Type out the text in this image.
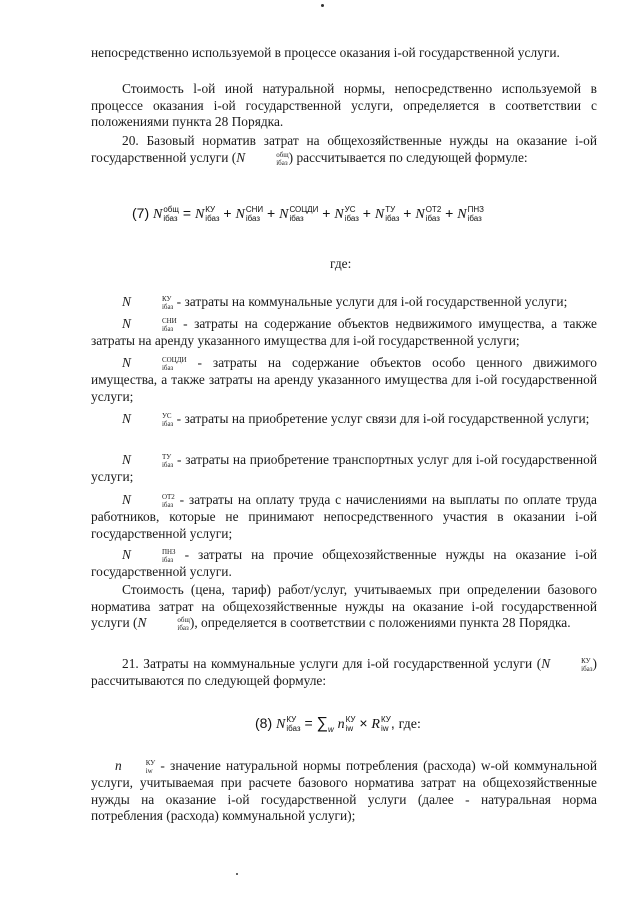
непосредственно используемой в процессе оказания i-ой государственной услуги.
Стоимость l-ой иной натуральной нормы, непосредственно используемой в процессе оказания i-ой государственной услуги, определяется в соответствии с положениями пункта 28 Порядка.
20. Базовый норматив затрат на общехозяйственные нужды на оказание i-ой государственной услуги (N	общ
iбаз ) рассчитывается по следующей формуле:
(7) N общ
iбаз = N КУ
iбаз + N СНИ
iбаз + N СОЦДИ
iбаз	+ N УС
iбаз + N ТУ
iбаз + N ОТ2
iбаз + N ПНЗ
iбаз
где:
N	КУ
iбаз - затраты на коммунальные услуги для i-ой государственной услуги;
N	СНИ
iбаз - затраты на содержание объектов недвижимого имущества, а также затраты на аренду указанного имущества для i-ой государственной услуги;
N	СОЦДИ
iбаз - затраты на содержание объектов особо ценного движимого имущества, а также затраты на аренду указанного имущества для i-ой государственной услуги;
N	УС
iбаз - затраты на приобретение услуг связи для i-ой государственной услуги;
N	ТУ
iбаз - затраты на приобретение транспортных услуг для i-ой государственной услуги;
N	ОТ2
iбаз - затраты на оплату труда с начислениями на выплаты по оплате труда работников, которые не принимают непосредственного участия в оказании i-ой государственной услуги;
N	ПНЗ
iбаз - затраты на прочие общехозяйственные нужды на оказание i-ой государственной услуги.
Стоимость (цена, тариф) работ/услуг, учитываемых при определении базового норматива затрат на общехозяйственные нужды на оказание i-ой государственной услуги (N	общ
iбаз ), определяется в соответствии с положениями пункта 28 Порядка.
21. Затраты на коммунальные услуги для i-ой государственной услуги (N	КУ
iбаз ) рассчитываются по следующей формуле:
(8) N КУ
iбаз = $\sum_w$ n КУ
iw × R КУ
iw , где:
n	КУ
iw - значение натуральной нормы потребления (расхода) w-ой коммунальной услуги, учитываемая при расчете базового норматива затрат на общехозяйственные нужды на оказание i-ой государственной услуги (далее - натуральная норма потребления (расхода) коммунальной услуги);
